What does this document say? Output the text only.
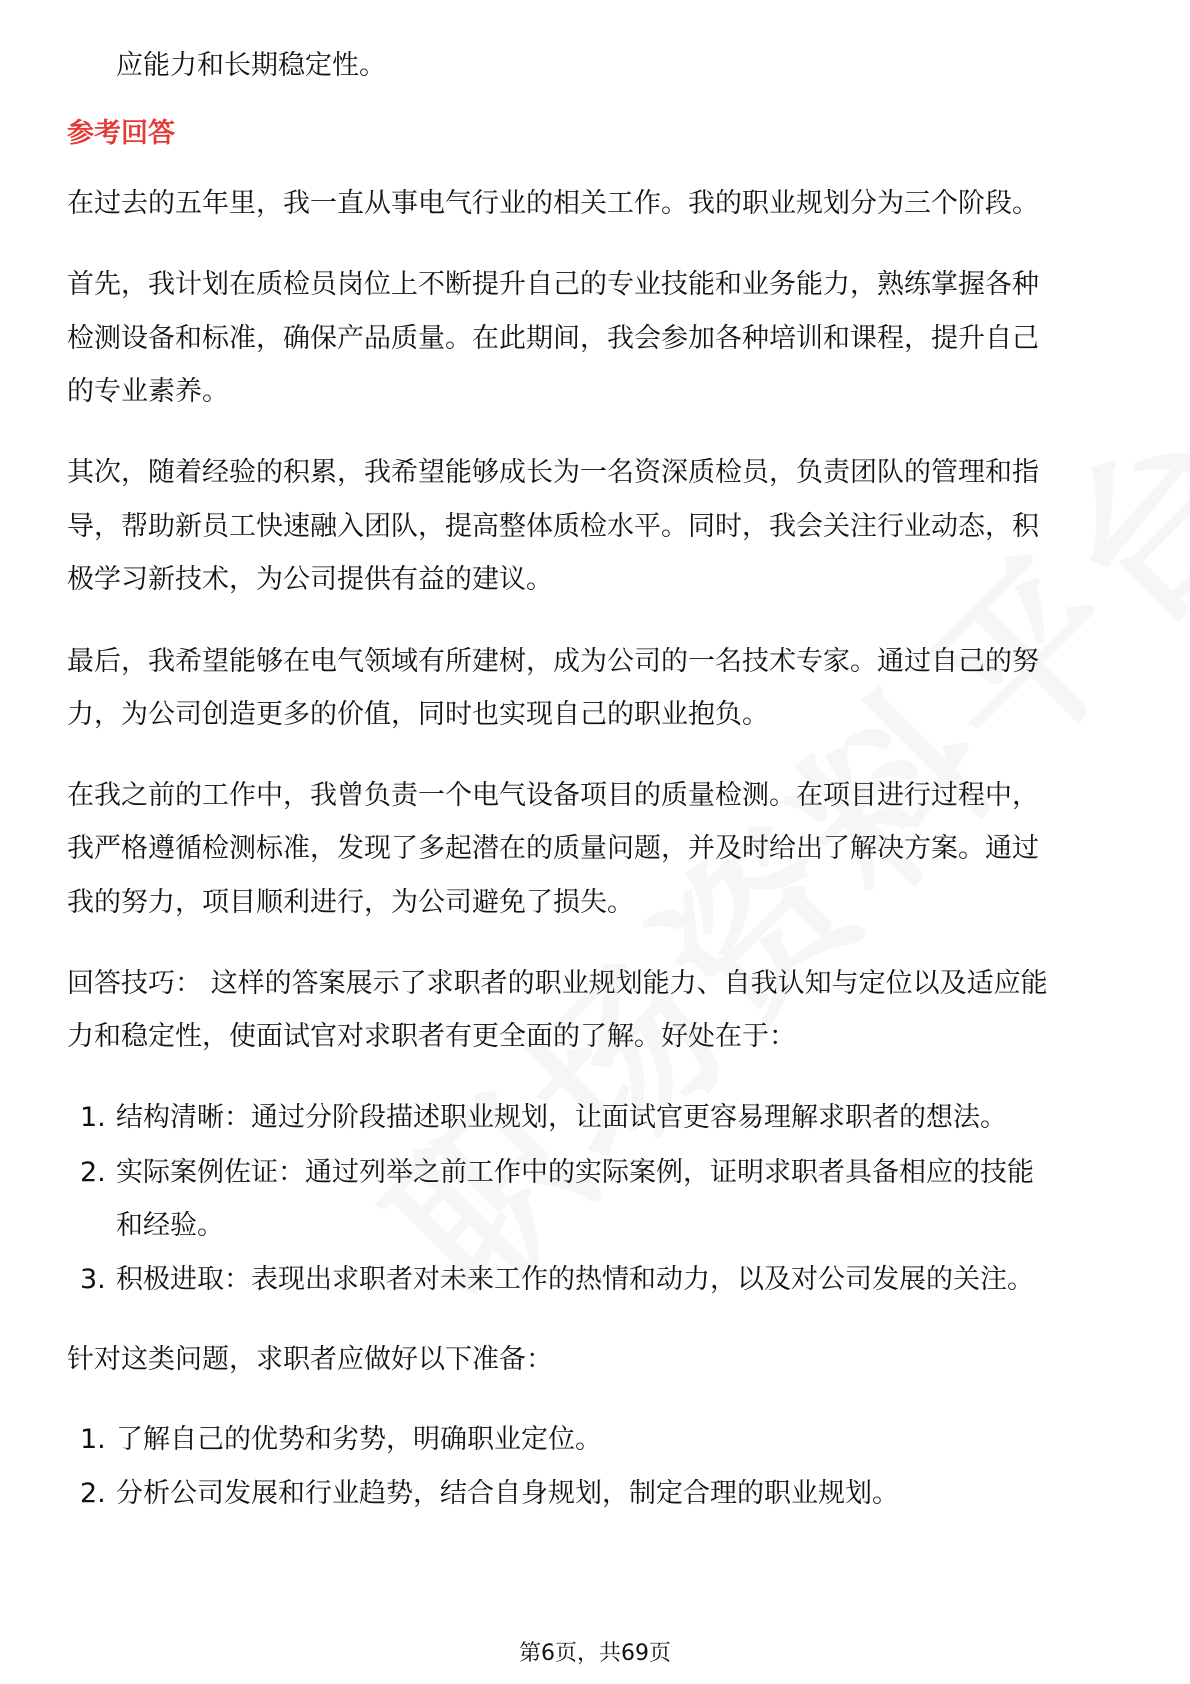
应能力和长期稳定性。
参考回答
在过去的五年里，我一直从事电气行业的相关工作。我的职业规划分为三个阶段。
首先，我计划在质检员岗位上不断提升自己的专业技能和业务能力，熟练掌握各种
检测设备和标准，确保产品质量。在此期间，我会参加各种培训和课程，提升自己
的专业素养。
其次，随着经验的积累，我希望能够成长为一名资深质检员，负责团队的管理和指
导，帮助新员工快速融入团队，提高整体质检水平。同时，我会关注行业动态，积
极学习新技术，为公司提供有益的建议。
最后，我希望能够在电气领域有所建树，成为公司的一名技术专家。通过自己的努
力，为公司创造更多的价值，同时也实现自己的职业抱负。
在我之前的工作中，我曾负责一个电气设备项目的质量检测。在项目进行过程中，
我严格遵循检测标准，发现了多起潜在的质量问题，并及时给出了解决方案。通过
我的努力，项目顺利进行，为公司避免了损失。
回答技巧： 这样的答案展示了求职者的职业规划能力、自我认知与定位以及适应能
力和稳定性，使面试官对求职者有更全面的了解。好处在于：
1. 结构清晰：通过分阶段描述职业规划，让面试官更容易理解求职者的想法。
2. 实际案例佐证：通过列举之前工作中的实际案例，证明求职者具备相应的技能
和经验。
3. 积极进取：表现出求职者对未来工作的热情和动力，以及对公司发展的关注。
针对这类问题，求职者应做好以下准备：
1. 了解自己的优势和劣势，明确职业定位。
2. 分析公司发展和行业趋势，结合自身规划，制定合理的职业规划。
第6页，共69页
